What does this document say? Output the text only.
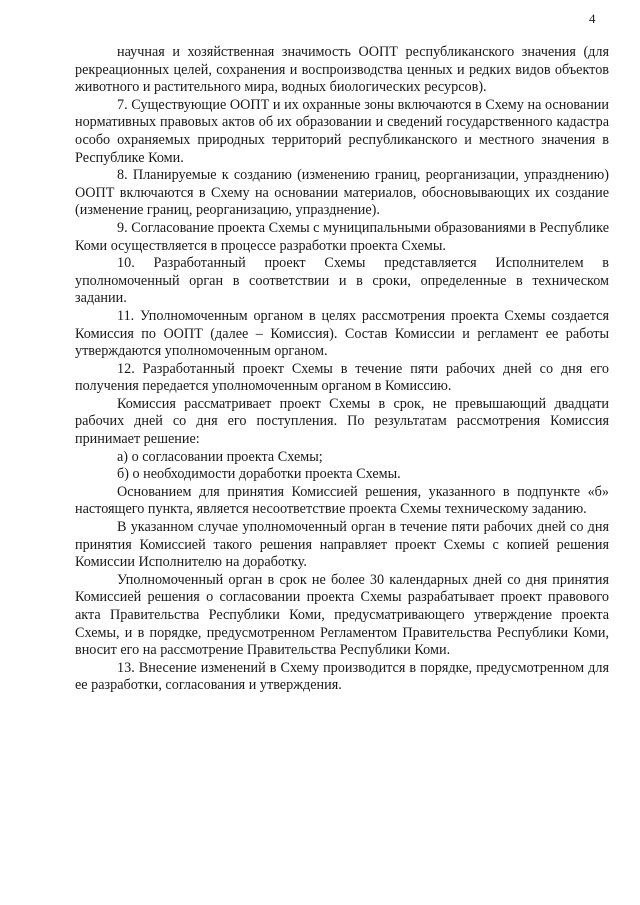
4

научная и хозяйственная значимость ООПТ республиканского значения (для рекреационных целей, сохранения и воспроизводства ценных и редких видов объектов животного и растительного мира, водных биологических ресурсов).

7. Существующие ООПТ и их охранные зоны включаются в Схему на основании нормативных правовых актов об их образовании и сведений государственного кадастра особо охраняемых природных территорий республиканского и местного значения в Республике Коми.

8. Планируемые к созданию (изменению границ, реорганизации, упразднению) ООПТ включаются в Схему на основании материалов, обосновывающих их создание (изменение границ, реорганизацию, упразднение).

9. Согласование проекта Схемы с муниципальными образованиями в Республике Коми осуществляется в процессе разработки проекта Схемы.

10. Разработанный проект Схемы представляется Исполнителем в уполномоченный орган в соответствии и в сроки, определенные в техническом задании.

11. Уполномоченным органом в целях рассмотрения проекта Схемы создается Комиссия по ООПТ (далее – Комиссия). Состав Комиссии и регламент ее работы утверждаются уполномоченным органом.

12. Разработанный проект Схемы в течение пяти рабочих дней со дня его получения передается уполномоченным органом в Комиссию.

Комиссия рассматривает проект Схемы в срок, не превышающий двадцати рабочих дней со дня его поступления. По результатам рассмотрения Комиссия принимает решение:

а) о согласовании проекта Схемы;

б) о необходимости доработки проекта Схемы.

Основанием для принятия Комиссией решения, указанного в подпункте «б» настоящего пункта, является несоответствие проекта Схемы техническому заданию.

В указанном случае уполномоченный орган в течение пяти рабочих дней со дня принятия Комиссией такого решения направляет проект Схемы с копией решения Комиссии Исполнителю на доработку.

Уполномоченный орган в срок не более 30 календарных дней со дня принятия Комиссией решения о согласовании проекта Схемы разрабатывает проект правового акта Правительства Республики Коми, предусматривающего утверждение проекта Схемы, и в порядке, предусмотренном Регламентом Правительства Республики Коми, вносит его на рассмотрение Правительства Республики Коми.

13. Внесение изменений в Схему производится в порядке, предусмотренном для ее разработки, согласования и утверждения.
